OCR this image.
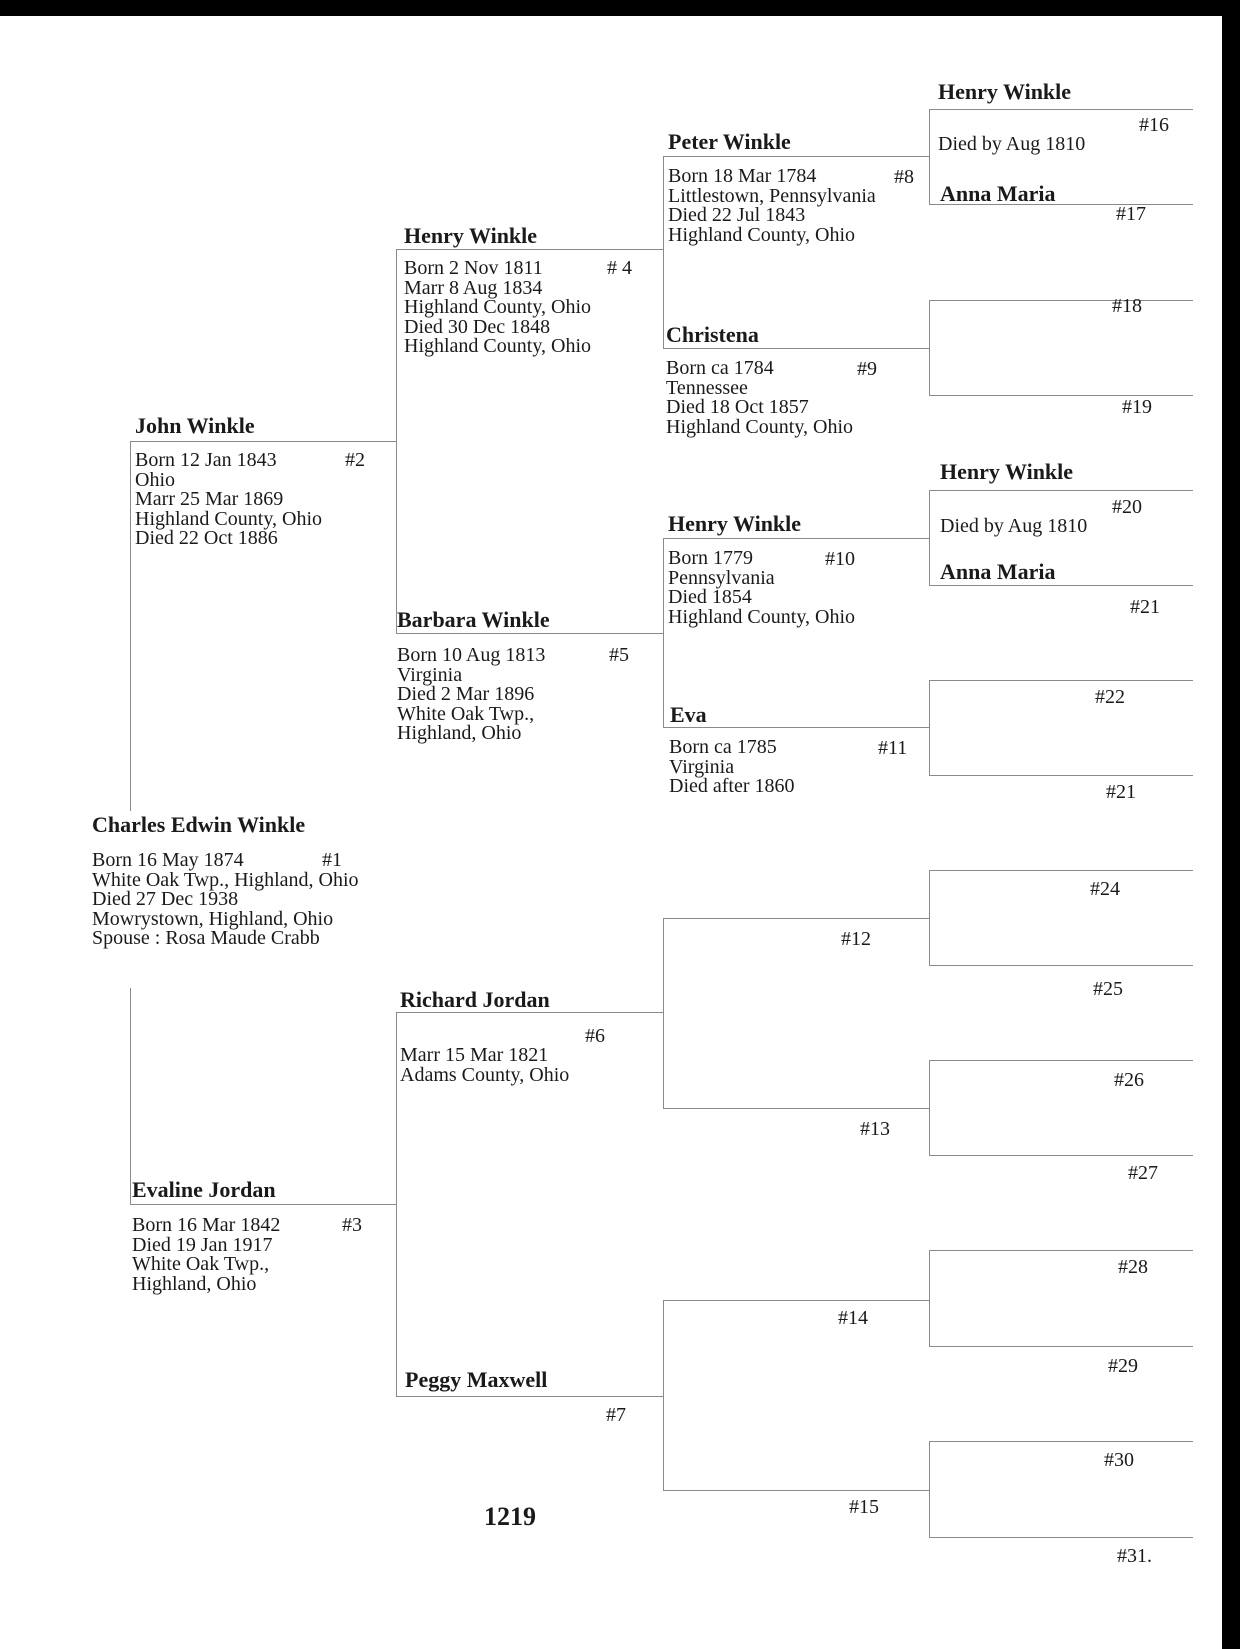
Charles Edwin Winkle
#1
Born 16 May 1874
White Oak Twp., Highland, Ohio
Died 27 Dec 1938
Mowrystown, Highland, Ohio
Spouse : Rosa Maude Crabb
John Winkle
#2
Born 12 Jan 1843
Ohio
Marr 25 Mar 1869
Highland County, Ohio
Died 22 Oct 1886
Evaline Jordan
#3
Born 16 Mar 1842
Died 19 Jan 1917
White Oak Twp.,
Highland, Ohio
Henry Winkle
# 4
Born 2 Nov 1811
Marr 8 Aug 1834
Highland County, Ohio
Died 30 Dec 1848
Highland County, Ohio
Barbara Winkle
#5
Born 10 Aug 1813
Virginia
Died 2 Mar 1896
White Oak Twp.,
Highland, Ohio
Richard Jordan
#6
Marr 15 Mar 1821
Adams County, Ohio
Peggy Maxwell
#7
Peter Winkle
#8
Born 18 Mar 1784
Littlestown, Pennsylvania
Died 22 Jul 1843
Highland County, Ohio
Christena
#9
Born ca 1784
Tennessee
Died 18 Oct 1857
Highland County, Ohio
Henry Winkle
#10
Born 1779
Pennsylvania
Died 1854
Highland County, Ohio
Eva
#11
Born ca 1785
Virginia
Died after 1860
#12
#13
#14
#15
Henry Winkle
#16
Died by Aug 1810
Anna Maria
#17
#18
#19
Henry Winkle
#20
Died by Aug 1810
Anna Maria
#21
#22
#21
#24
#25
#26
#27
#28
#29
#30
#31.
1219
